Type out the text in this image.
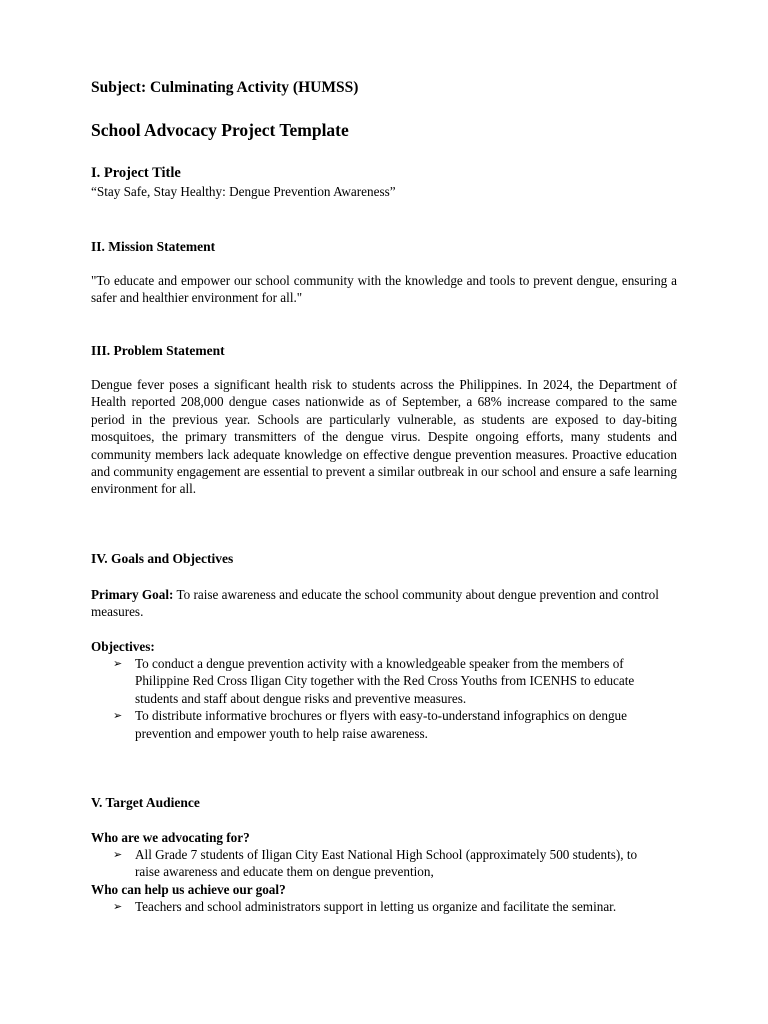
Subject: Culminating Activity (HUMSS)
School Advocacy Project Template
I. Project Title
“Stay Safe, Stay Healthy: Dengue Prevention Awareness”
II. Mission Statement
"To educate and empower our school community with the knowledge and tools to prevent dengue, ensuring a safer and healthier environment for all."
III. Problem Statement
Dengue fever poses a significant health risk to students across the Philippines. In 2024, the Department of Health reported 208,000 dengue cases nationwide as of September, a 68% increase compared to the same period in the previous year. Schools are particularly vulnerable, as students are exposed to day-biting mosquitoes, the primary transmitters of the dengue virus. Despite ongoing efforts, many students and community members lack adequate knowledge on effective dengue prevention measures. Proactive education and community engagement are essential to prevent a similar outbreak in our school and ensure a safe learning environment for all.
IV. Goals and Objectives
Primary Goal: To raise awareness and educate the school community about dengue prevention and control measures.
Objectives:
➢ To conduct a dengue prevention activity with a knowledgeable speaker from the members of Philippine Red Cross Iligan City together with the Red Cross Youths from ICENHS to educate students and staff about dengue risks and preventive measures.
➢ To distribute informative brochures or flyers with easy-to-understand infographics on dengue prevention and empower youth to help raise awareness.
V. Target Audience
Who are we advocating for?
➢ All Grade 7 students of Iligan City East National High School (approximately 500 students), to raise awareness and educate them on dengue prevention,
Who can help us achieve our goal?
➢ Teachers and school administrators support in letting us organize and facilitate the seminar.
